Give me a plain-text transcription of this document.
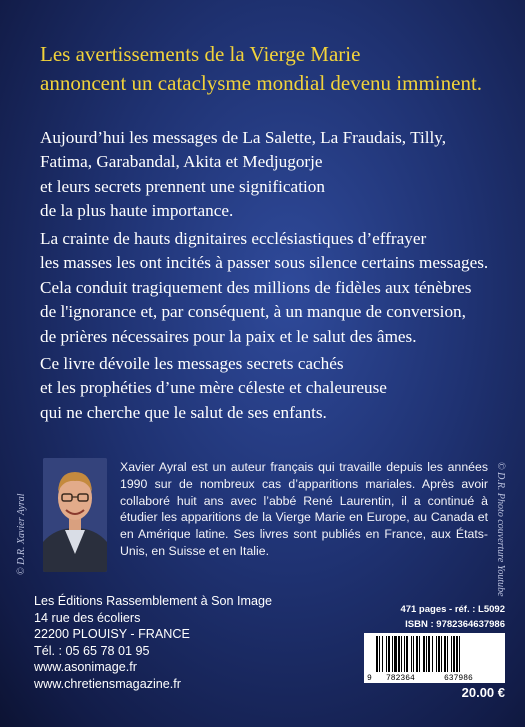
Les avertissements de la Vierge Marie

annoncent un cataclysme mondial devenu imminent.

Aujourd’hui les messages de La Salette, La Fraudais, Tilly,

Fatima, Garabandal, Akita et Medjugorje

et leurs secrets prennent une signification

de la plus haute importance.

La crainte de hauts dignitaires ecclésiastiques d’effrayer

les masses les ont incités à passer sous silence certains messages.

Cela conduit tragiquement des millions de fidèles aux ténèbres

de l'ignorance et, par conséquent, à un manque de conversion,

de prières nécessaires pour la paix et le salut des âmes.

Ce livre dévoile les messages secrets cachés

et les prophéties d’une mère céleste et chaleureuse

qui ne cherche que le salut de ses enfants.

© D.R. Xavier Ayral
Xavier Ayral est un auteur français qui travaille depuis les années 1990 sur de nombreux cas d’apparitions mariales. Après avoir collaboré huit ans avec l’abbé René Laurentin, il a continué à étudier les apparitions de la Vierge Marie en Europe, au Canada et en Amérique latine. Ses livres sont publiés en France, aux États-Unis, en Suisse et en Italie.	© D.R. Photo couverture Youtube
Les Éditions Rassemblement à Son Image
14 rue des écoliers
22200 PLOUISY - FRANCE
Tél. : 05 65 78 01 95
www.asonimage.fr
www.chretiensmagazine.fr
471 pages - réf. : L5092
ISBN : 9782364637986
9 782364	637986
20.00 €
